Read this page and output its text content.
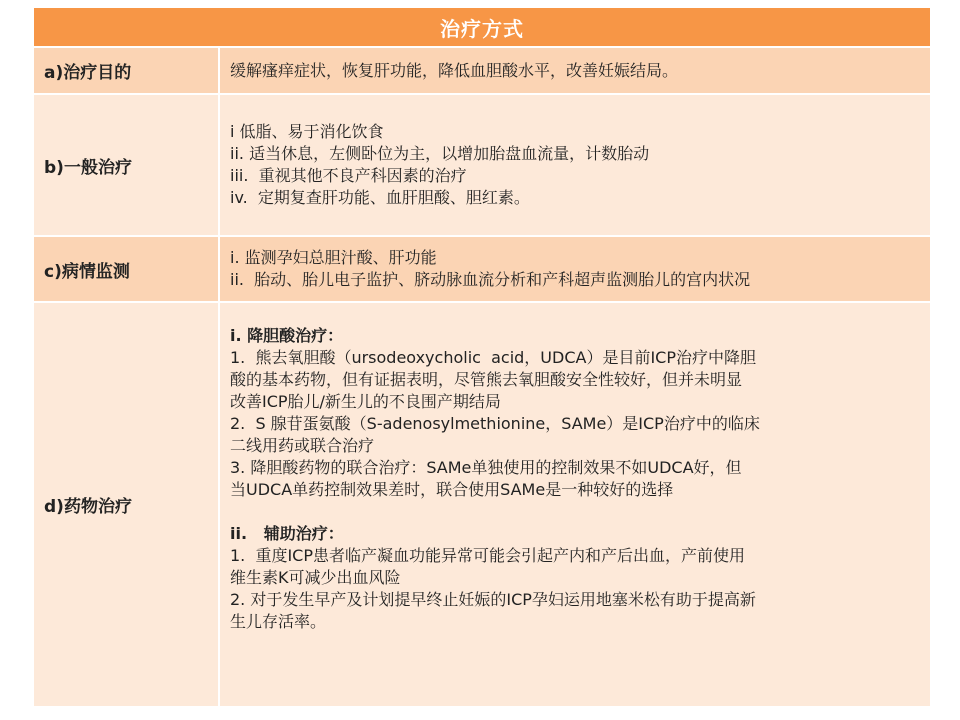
治疗方式
a)治疗目的	缓解瘙痒症状，恢复肝功能，降低血胆酸水平，改善妊娠结局。
b)一般治疗
i 低脂、易于消化饮食
ii. 适当休息，左侧卧位为主，以增加胎盘血流量，计数胎动
iii.  重视其他不良产科因素的治疗
iv.  定期复查肝功能、血肝胆酸、胆红素。
c)病情监测
i. 监测孕妇总胆汁酸、肝功能
ii.  胎动、胎儿电子监护、脐动脉血流分析和产科超声监测胎儿的宫内状况
d)药物治疗
i. 降胆酸治疗：
1.  熊去氧胆酸（ursodeoxycholic  acid，UDCA）是目前ICP治疗中降胆
酸的基本药物，但有证据表明，尽管熊去氧胆酸安全性较好，但并未明显
改善ICP胎儿/新生儿的不良围产期结局
2.  S 腺苷蛋氨酸（S-adenosylmethionine，SAMe）是ICP治疗中的临床
二线用药或联合治疗
3. 降胆酸药物的联合治疗：SAMe单独使用的控制效果不如UDCA好，但
当UDCA单药控制效果差时，联合使用SAMe是一种较好的选择
ii.   辅助治疗：
1.  重度ICP患者临产凝血功能异常可能会引起产内和产后出血，产前使用
维生素K可减少出血风险
2. 对于发生早产及计划提早终止妊娠的ICP孕妇运用地塞米松有助于提高新
生儿存活率。
